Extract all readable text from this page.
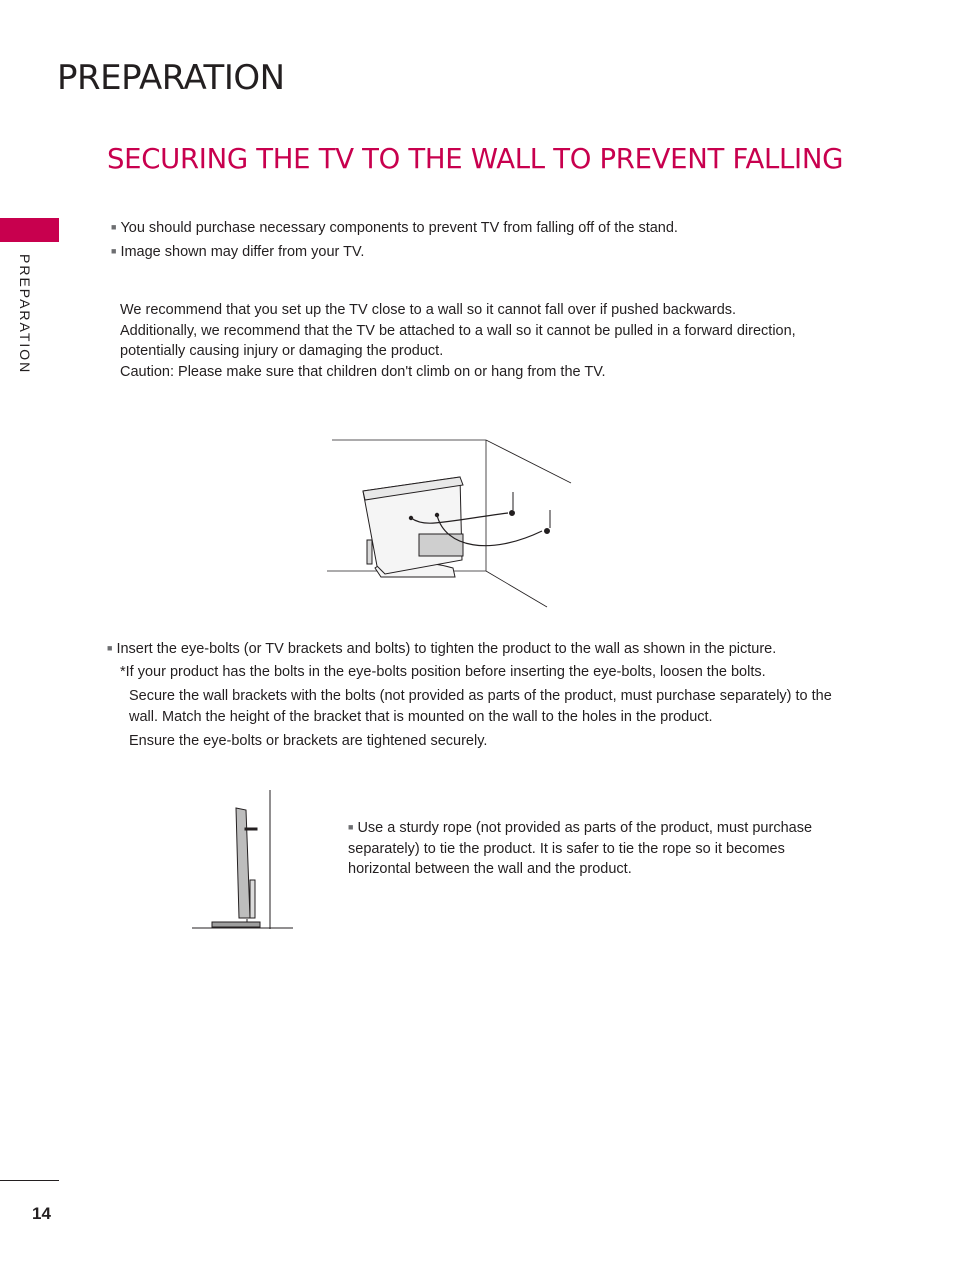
PREPARATION
SECURING THE TV TO THE WALL TO PREVENT FALLING
PREPARATION
■ You should purchase necessary components to prevent TV from falling off of the stand.
■ Image shown may differ from your TV.

We recommend that you set up the TV close to a wall so it cannot fall over if pushed backwards.

Additionally, we recommend that the TV be attached to a wall so it cannot be pulled in a forward direction, potentially causing injury or damaging the product.

Caution: Please make sure that children don't climb on or hang from the TV.

■ Insert the eye-bolts (or TV brackets and bolts) to tighten the product to the wall as shown in the picture.
*If your product has the bolts in the eye-bolts position before inserting the eye-bolts, loosen the bolts.
Secure the wall brackets with the bolts (not provided as parts of the product, must purchase separately) to the wall. Match the height of the bracket that is mounted on the wall to the holes in the product.
Ensure the eye-bolts or brackets are tightened securely.
■ Use a sturdy rope (not provided as parts of the product, must purchase separately) to tie the product. It is safer to tie the rope so it becomes horizontal between the wall and the product.
14
